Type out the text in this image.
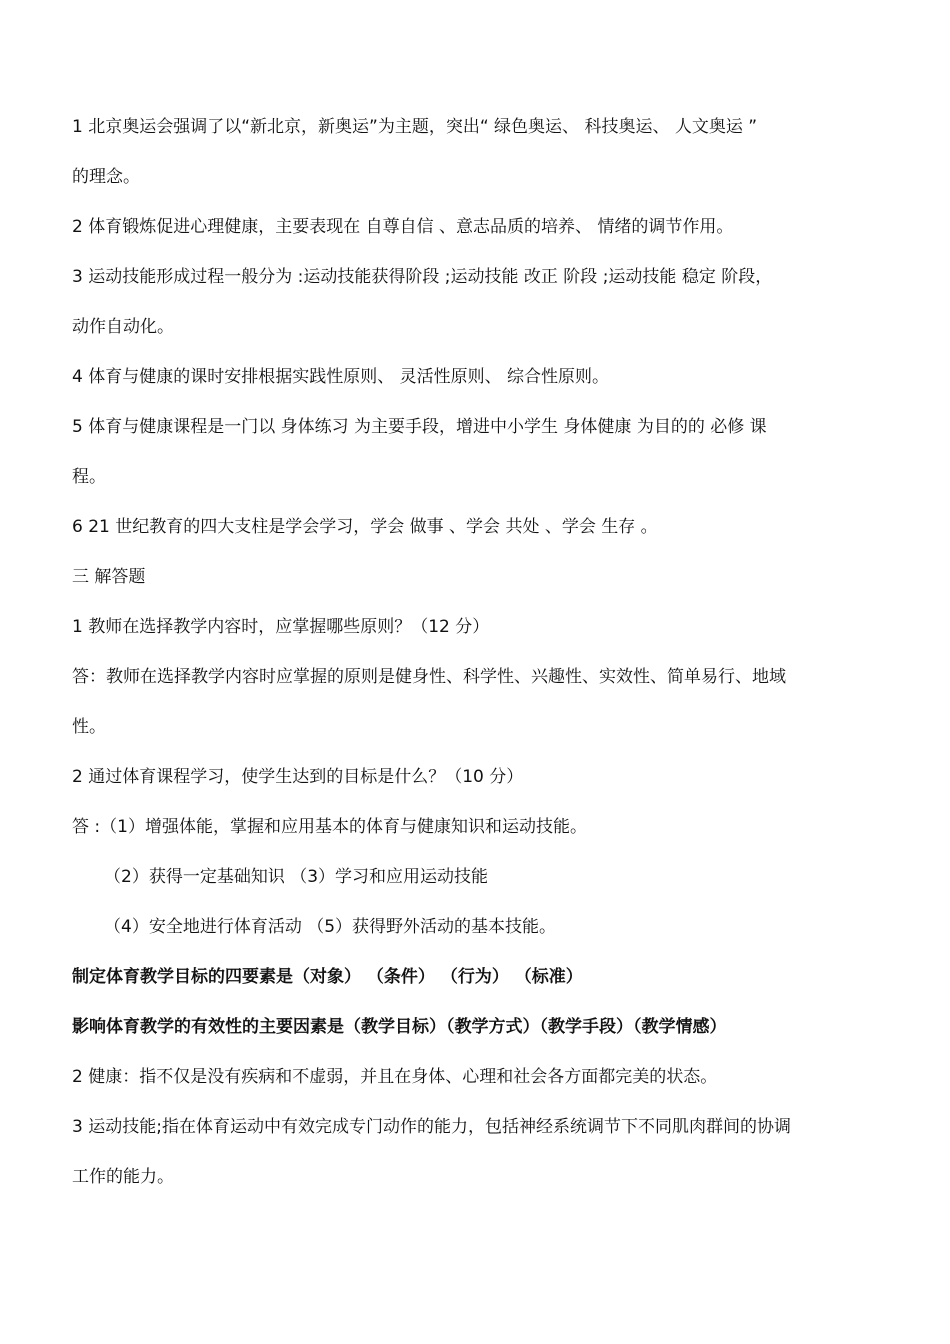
1 北京奥运会强调了以“新北京，新奥运”为主题，突出“ 绿色奥运、 科技奥运、 人文奥运 ”
的理念。
2 体育锻炼促进心理健康，主要表现在 自尊自信 、意志品质的培养、 情绪的调节作用。
3 运动技能形成过程一般分为 :运动技能获得阶段 ;运动技能 改正 阶段 ;运动技能 稳定 阶段，
动作自动化。
4 体育与健康的课时安排根据实践性原则、 灵活性原则、 综合性原则。
5 体育与健康课程是一门以 身体练习 为主要手段，增进中小学生 身体健康 为目的的 必修 课
程。
6 21 世纪教育的四大支柱是学会学习，学会 做事 、学会 共处 、学会 生存 。
三 解答题
1 教师在选择教学内容时，应掌握哪些原则？（12 分）
答：教师在选择教学内容时应掌握的原则是健身性、科学性、兴趣性、实效性、简单易行、地域
性。
2 通过体育课程学习，使学生达到的目标是什么？（10 分）
答 :（1）增强体能，掌握和应用基本的体育与健康知识和运动技能。
（2）获得一定基础知识 （3）学习和应用运动技能
（4）安全地进行体育活动 （5）获得野外活动的基本技能。
制定体育教学目标的四要素是（对象） （条件） （行为） （标准）
影响体育教学的有效性的主要因素是（教学目标）（教学方式）（教学手段）（教学情感）
2 健康：指不仅是没有疾病和不虚弱，并且在身体、心理和社会各方面都完美的状态。
3 运动技能;指在体育运动中有效完成专门动作的能力，包括神经系统调节下不同肌肉群间的协调
工作的能力。
